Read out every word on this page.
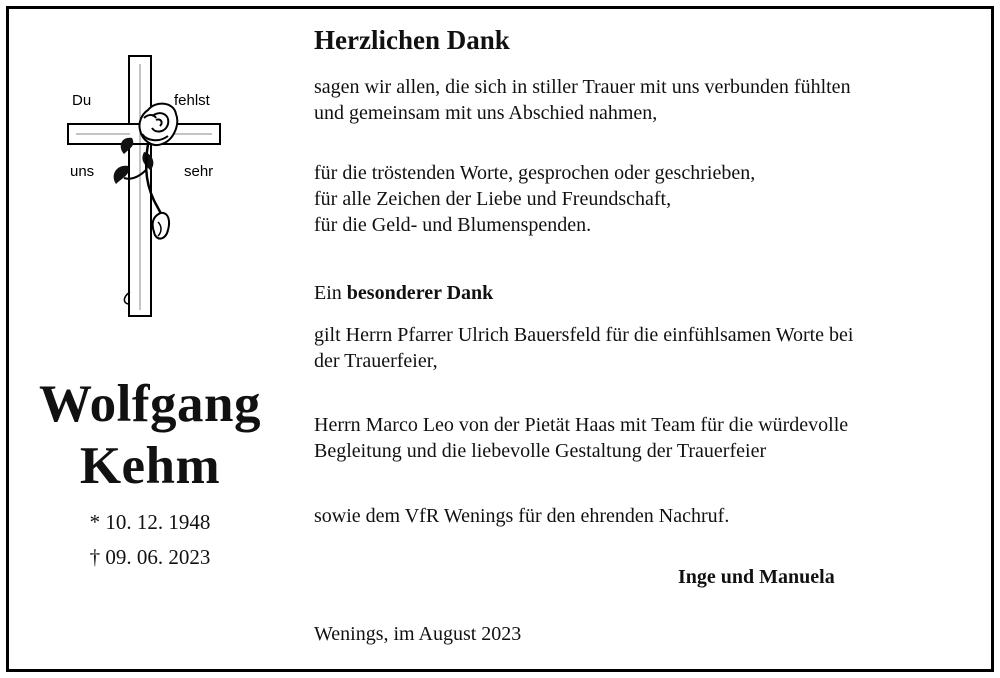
Du	fehlst
uns	sehr
Wolfgang
Kehm
* 10. 12. 1948
† 09. 06. 2023
Herzlichen Dank
sagen wir allen, die sich in stiller Trauer mit uns verbunden fühlten
und gemeinsam mit uns Abschied nahmen,
für die tröstenden Worte, gesprochen oder geschrieben,
für alle Zeichen der Liebe und Freundschaft,
für die Geld- und Blumenspenden.
Ein besonderer Dank
gilt Herrn Pfarrer Ulrich Bauersfeld für die einfühlsamen Worte bei
der Trauerfeier,
Herrn Marco Leo von der Pietät Haas mit Team für die würdevolle
Begleitung und die liebevolle Gestaltung der Trauerfeier
sowie dem VfR Wenings für den ehrenden Nachruf.
Inge und Manuela
Wenings, im August 2023
